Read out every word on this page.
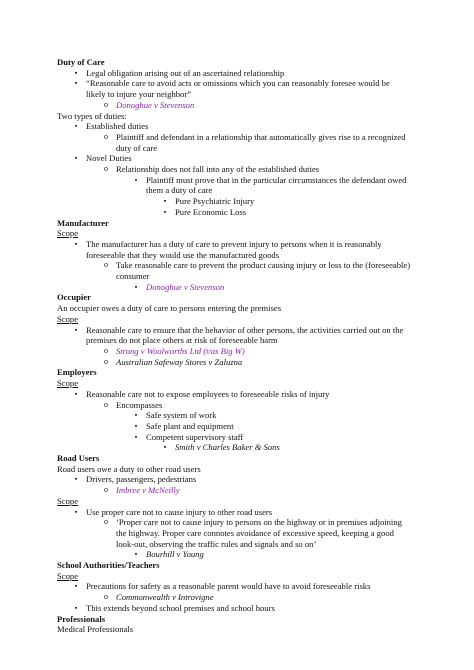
Duty of Care
▪	Legal obligation arising out of an ascertained relationship
▪	“Reasonable care to avoid acts or omissions which you can reasonably foresee would be
likely to injure your neighbor”
o Donoghue v Stevenson
Two types of duties:
▪	Established duties
o Plaintiff and defendant in a relationship that automatically gives rise to a recognized
duty of care
▪	Novel Duties
o Relationship does not fall into any of the established duties
▪	Plaintiff must prove that in the particular circumstances the defendant owed
them a duty of care
▪	Pure Psychiatric Injury
▪	Pure Economic Loss
Manufacturer
Scope
▪	The manufacturer has a duty of care to prevent injury to persons when it is reasonably
foreseeable that they would use the manufactured goods
o Take reasonable care to prevent the product causing injury or loss to the (foreseeable)
consumer
▪	Donoghue v Stevenson
Occupier
An occupier owes a duty of care to persons entering the premises
Scope
▪	Reasonable care to ensure that the behavior of other persons, the activities carried out on the
premises do not place others at risk of foreseeable harm
o Strong v Woolworths Ltd (t/as Big W)
o Australian Safeway Stores v Zaluzna
Employers
Scope
▪	Reasonable care not to expose employees to foreseeable risks of injury
o Encompasses
▪	Safe system of work
▪	Safe plant and equipment
▪	Competent supervisory staff
▪	Smith v Charles Baker & Sons
Road Users
Road users owe a duty to other road users
▪	Drivers, passengers, pedestrians
o Imbree v McNeilly
Scope
▪	Use proper care not to cause injury to other road users
o ‘Proper care not to cause injury to persons on the highway or in premises adjoining
the highway. Proper care connotes avoidance of excessive speed, keeping a good
look-out, observing the traffic rules and signals and so on’
▪	Bourhill v Young
School Authorities/Teachers
Scope
▪	Precautions for safety as a reasonable parent would have to avoid foreseeable risks
o Commonwealth v Introvigne
▪	This extends beyond school premises and school hours
Professionals
Medical Professionals
